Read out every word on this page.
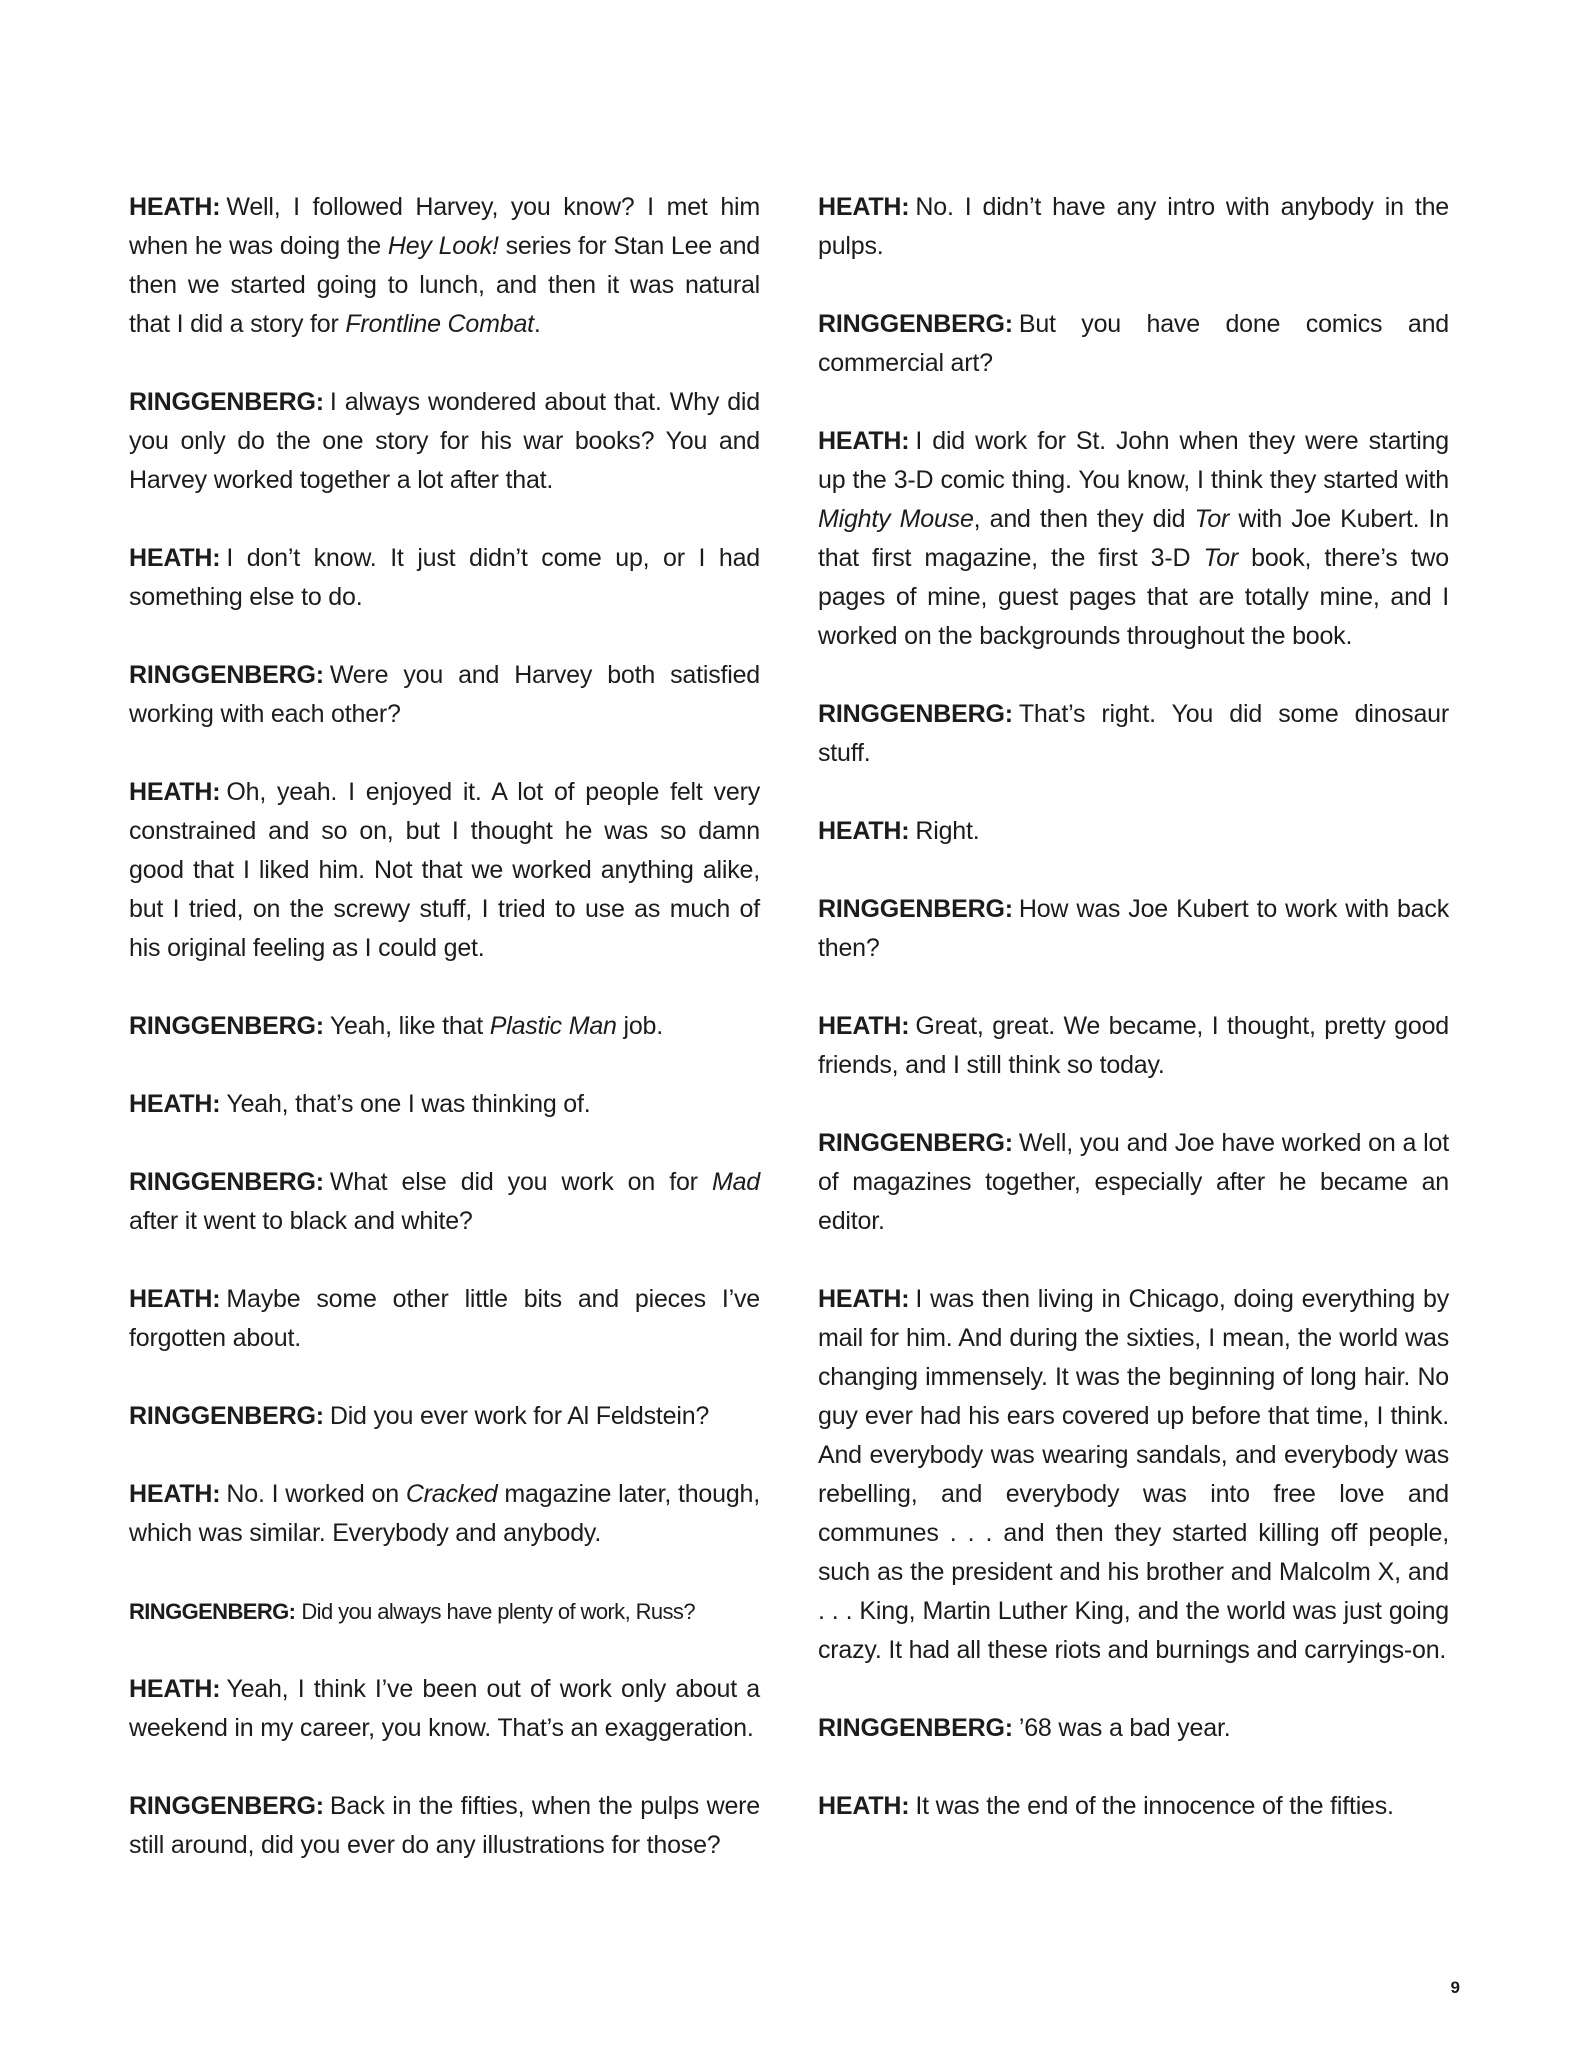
HEATH: Well, I followed Harvey, you know? I met him when he was doing the Hey Look! series for Stan Lee and then we started going to lunch, and then it was natural that I did a story for Frontline Combat.

RINGGENBERG: I always wondered about that. Why did you only do the one story for his war books? You and Harvey worked together a lot after that.

HEATH: I don’t know. It just didn’t come up, or I had something else to do.

RINGGENBERG: Were you and Harvey both satisfied working with each other?

HEATH: Oh, yeah. I enjoyed it. A lot of people felt very constrained and so on, but I thought he was so damn good that I liked him. Not that we worked anything alike, but I tried, on the screwy stuff, I tried to use as much of his original feeling as I could get.

RINGGENBERG: Yeah, like that Plastic Man job.

HEATH: Yeah, that’s one I was thinking of.

RINGGENBERG: What else did you work on for Mad after it went to black and white?

HEATH: Maybe some other little bits and pieces I’ve forgotten about.

RINGGENBERG: Did you ever work for Al Feldstein?

HEATH: No. I worked on Cracked magazine later, though, which was similar. Everybody and anybody.

RINGGENBERG: Did you always have plenty of work, Russ?

HEATH: Yeah, I think I’ve been out of work only about a weekend in my career, you know. That’s an exaggeration.

RINGGENBERG: Back in the fifties, when the pulps were still around, did you ever do any illustrations for those?

HEATH: No. I didn’t have any intro with anybody in the pulps.

RINGGENBERG: But you have done comics and commercial art?

HEATH: I did work for St. John when they were starting up the 3-D comic thing. You know, I think they started with Mighty Mouse, and then they did Tor with Joe Kubert. In that first magazine, the first 3-D Tor book, there’s two pages of mine, guest pages that are totally mine, and I worked on the backgrounds throughout the book.

RINGGENBERG: That’s right. You did some dinosaur stuff.

HEATH: Right.

RINGGENBERG: How was Joe Kubert to work with back then?

HEATH: Great, great. We became, I thought, pretty good friends, and I still think so today.

RINGGENBERG: Well, you and Joe have worked on a lot of magazines together, especially after he became an editor.

HEATH: I was then living in Chicago, doing everything by mail for him. And during the sixties, I mean, the world was changing immensely. It was the beginning of long hair. No guy ever had his ears covered up before that time, I think. And everybody was wearing sandals, and everybody was rebelling, and everybody was into free love and communes . . . and then they started killing off people, such as the president and his brother and Malcolm X, and . . . King, Martin Luther King, and the world was just going crazy. It had all these riots and burnings and carryings-on.

RINGGENBERG: ’68 was a bad year.

HEATH: It was the end of the innocence of the fifties.

9
